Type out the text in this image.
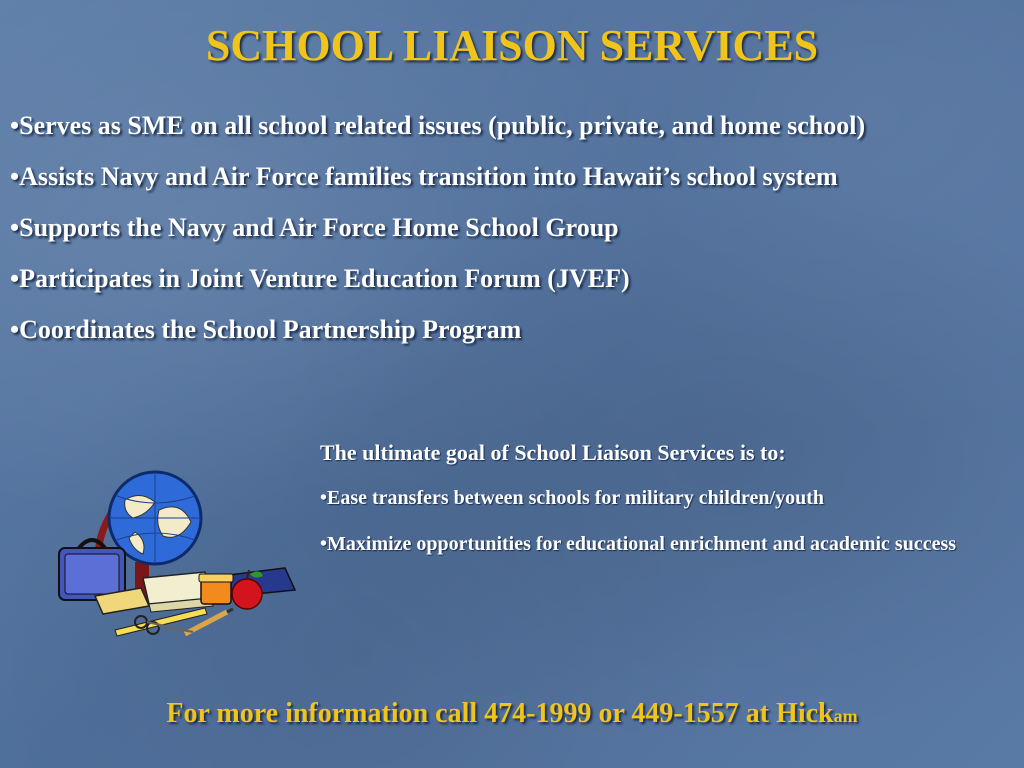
SCHOOL LIAISON SERVICES
•Serves as SME on all school related issues (public, private, and home school)
•Assists Navy and Air Force families transition into Hawaii’s school system
•Supports the Navy and Air Force Home School Group
•Participates in Joint Venture Education Forum (JVEF)
•Coordinates the School Partnership Program
The ultimate goal of School Liaison Services is to:
•Ease transfers between schools for military children/youth
•Maximize opportunities for educational enrichment and academic success
For more information call 474-1999 or 449-1557 at Hickam
